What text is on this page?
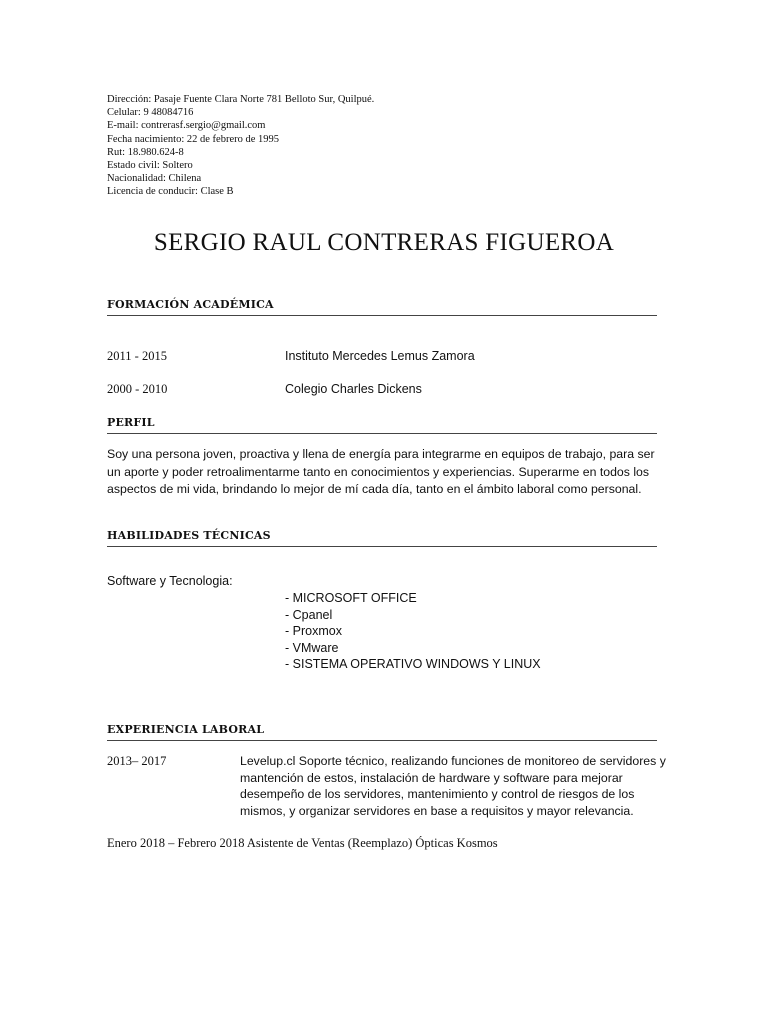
Dirección: Pasaje Fuente Clara Norte 781 Belloto Sur, Quilpué.
Celular: 9 48084716
E-mail: contrerasf.sergio@gmail.com
Fecha nacimiento: 22 de febrero de 1995
Rut: 18.980.624-8
Estado civil: Soltero
Nacionalidad: Chilena
Licencia de conducir: Clase B
SERGIO RAUL CONTRERAS FIGUEROA
FORMACIÓN ACADÉMICA
2011 - 2015	Instituto Mercedes Lemus Zamora
2000 - 2010	Colegio Charles Dickens
PERFIL
Soy una persona joven, proactiva y llena de energía para integrarme en equipos de trabajo, para ser un aporte y poder retroalimentarme tanto en conocimientos y experiencias. Superarme en todos los aspectos de mi vida, brindando lo mejor de mí cada día, tanto en el ámbito laboral como personal.
HABILIDADES TÉCNICAS
Software y Tecnologia:
- MICROSOFT OFFICE
- Cpanel
- Proxmox
- VMware
- SISTEMA OPERATIVO WINDOWS Y LINUX
EXPERIENCIA LABORAL
2013– 2017	Levelup.cl Soporte técnico, realizando funciones de monitoreo de servidores y mantención de estos, instalación de hardware y software para mejorar desempeño de los servidores, mantenimiento y control de riesgos de los mismos, y organizar servidores en base a requisitos y mayor relevancia.
Enero 2018 – Febrero 2018 Asistente de Ventas (Reemplazo) Ópticas Kosmos
